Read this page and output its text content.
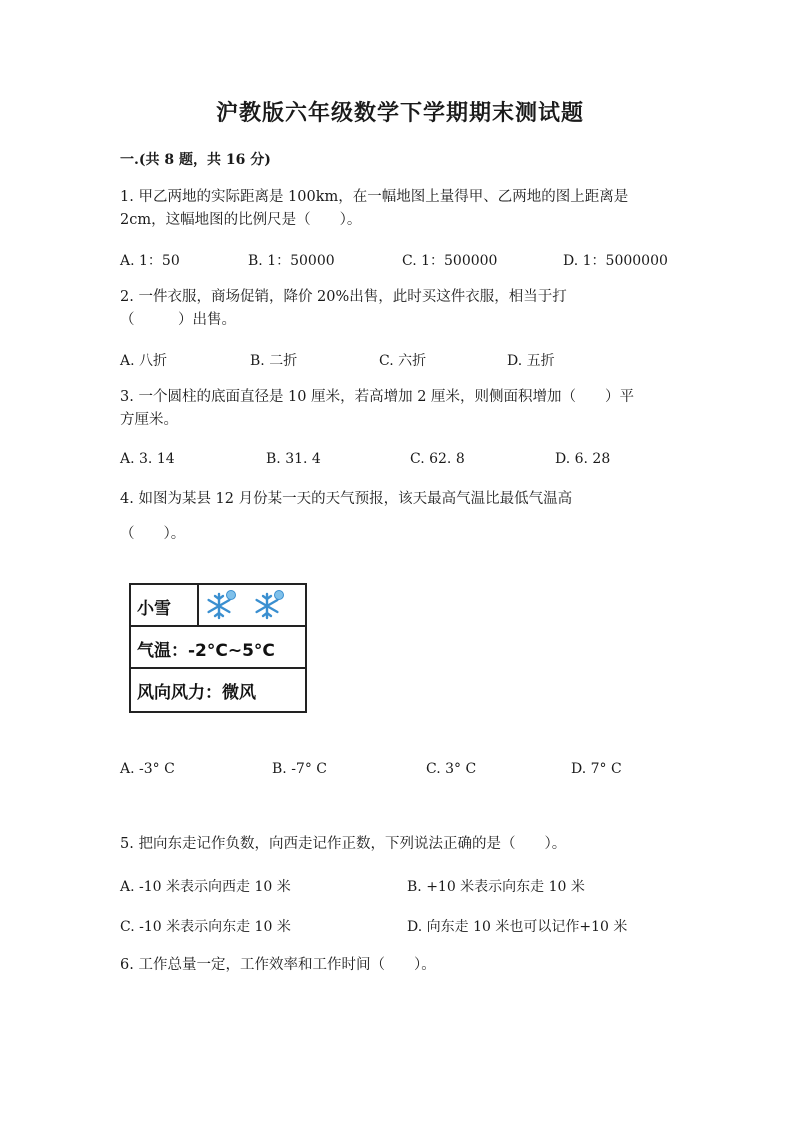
沪教版六年级数学下学期期末测试题
一.(共 8 题，共 16 分)
1. 甲乙两地的实际距离是 100km，在一幅地图上量得甲、乙两地的图上距离是
2cm，这幅地图的比例尺是（　　）。
A. 1：50	B. 1：50000	C. 1：500000	D. 1：5000000
2. 一件衣服，商场促销，降价 20%出售，此时买这件衣服，相当于打
（　　　）出售。
A. 八折	B. 二折	C. 六折	D. 五折
3. 一个圆柱的底面直径是 10 厘米，若高增加 2 厘米，则侧面积增加（　　）平
方厘米。
A. 3. 14	B. 31. 4	C. 62. 8	D. 6. 28
4. 如图为某县 12 月份某一天的天气预报，该天最高气温比最低气温高
（　　）。
小雪

气温：-2°C~5°C
风向风力：微风
A. -3° C	B. -7° C	C. 3° C	D. 7° C
5. 把向东走记作负数，向西走记作正数，下列说法正确的是（　　）。
A. -10 米表示向西走 10 米	B. +10 米表示向东走 10 米
C. -10 米表示向东走 10 米	D. 向东走 10 米也可以记作+10 米
6. 工作总量一定，工作效率和工作时间（　　）。
